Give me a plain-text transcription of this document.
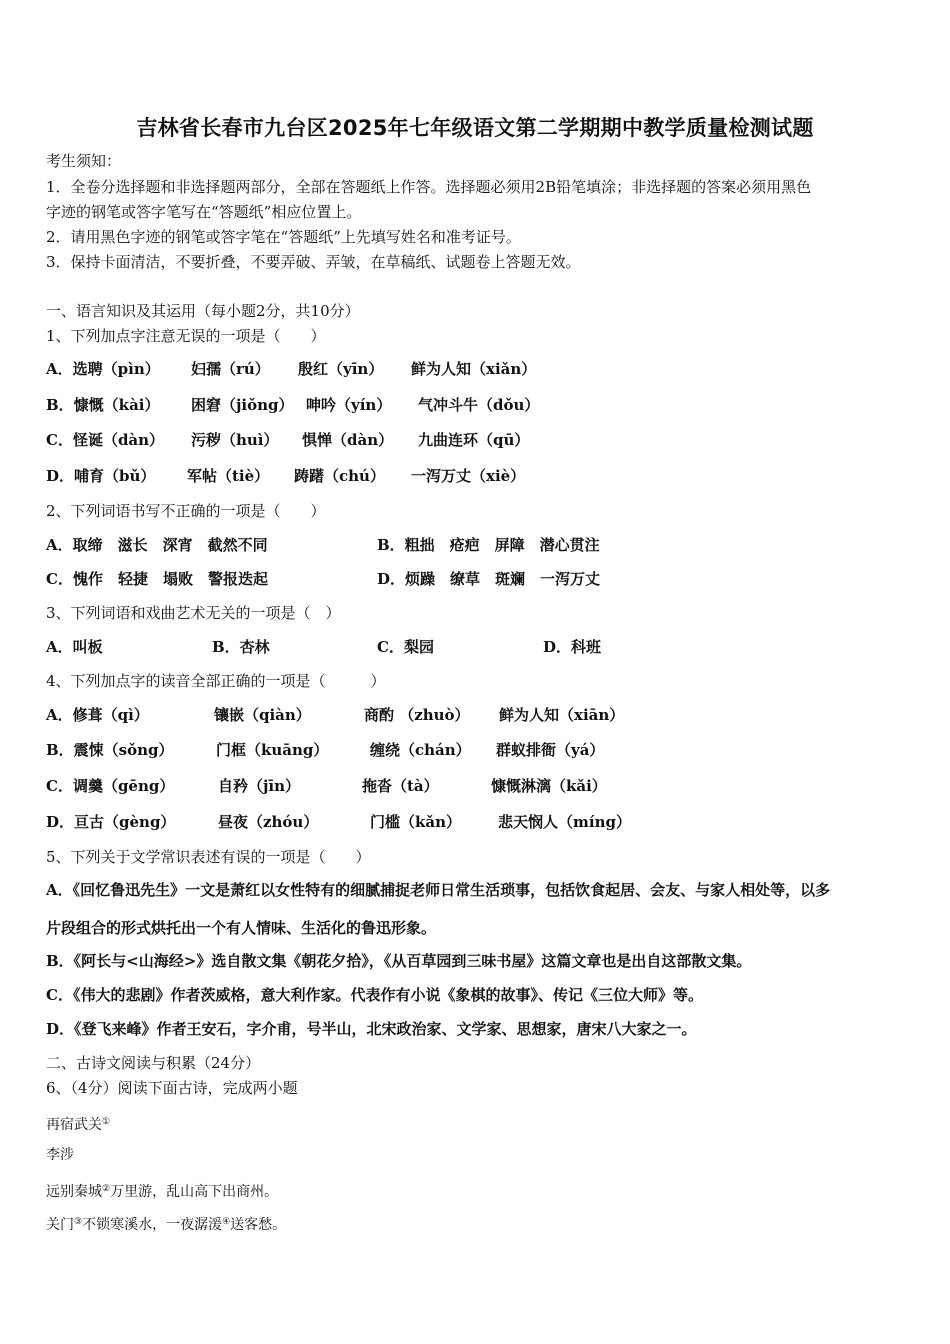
吉林省长春市九台区2025年七年级语文第二学期期中教学质量检测试题
考生须知：
1．全卷分选择题和非选择题两部分，全部在答题纸上作答。选择题必须用2B铅笔填涂；非选择题的答案必须用黑色
字迹的钢笔或答字笔写在“答题纸”相应位置上。
2．请用黑色字迹的钢笔或答字笔在“答题纸”上先填写姓名和准考证号。
3．保持卡面清洁，不要折叠，不要弄破、弄皱，在草稿纸、试题卷上答题无效。
一、语言知识及其运用（每小题2分，共10分）
1、下列加点字注意无误的一项是（　　）
A．选聘（pìn） 妇孺（rú） 殷红（yīn） 鲜为人知（xiǎn）
B．慷慨（kài） 困窘（jiǒng） 呻吟（yín） 气冲斗牛（dǒu）
C．怪诞（dàn） 污秽（huì） 惧惮（dàn） 九曲连环（qū）
D．哺育（bǔ） 军帖（tiè） 踌躇（chú） 一泻万丈（xiè）
2、下列词语书写不正确的一项是（　　）
A．取缔　滋长　深宵　截然不同	B．粗拙　疮疤　屏障　潜心贯注
C．愧作　轻捷　塌败　警报迭起	D．烦躁　缭草　斑斓　一泻万丈
3、下列词语和戏曲艺术无关的一项是（　）
A．叫板	B．杏林	C．梨园	D．科班
4、下列加点字的读音全部正确的一项是（　　　）
A．修葺（qì）	镶嵌（qiàn）	商酌 （zhuò） 鲜为人知（xiān）
B．震悚（sǒng）	门框（kuāng）	缠绕（chán） 群蚁排衙（yá）
C．调羹（gēng）	自矜（jīn）	拖沓（tà）	慷慨淋漓（kǎi）
D．亘古（gèng）	昼夜（zhóu）	门槛（kǎn） 悲天悯人（míng）
5、下列关于文学常识表述有误的一项是（　　）
A．《回忆鲁迅先生》一文是萧红以女性特有的细腻捕捉老师日常生活琐事，包括饮食起居、会友、与家人相处等，以多
片段组合的形式烘托出一个有人情味、生活化的鲁迅形象。
B．《阿长与<山海经>》选自散文集《朝花夕拾》，《从百草园到三味书屋》这篇文章也是出自这部散文集。
C．《伟大的悲剧》作者茨威格，意大利作家。代表作有小说《象棋的故事》、传记《三位大师》等。
D．《登飞来峰》作者王安石，字介甫，号半山，北宋政治家、文学家、思想家，唐宋八大家之一。
二、古诗文阅读与积累（24分）
6、（4分）阅读下面古诗，完成两小题
再宿武关①
李涉
远别秦城②万里游，乱山高下出商州。
关门③不锁寒溪水，一夜潺湲④送客愁。
